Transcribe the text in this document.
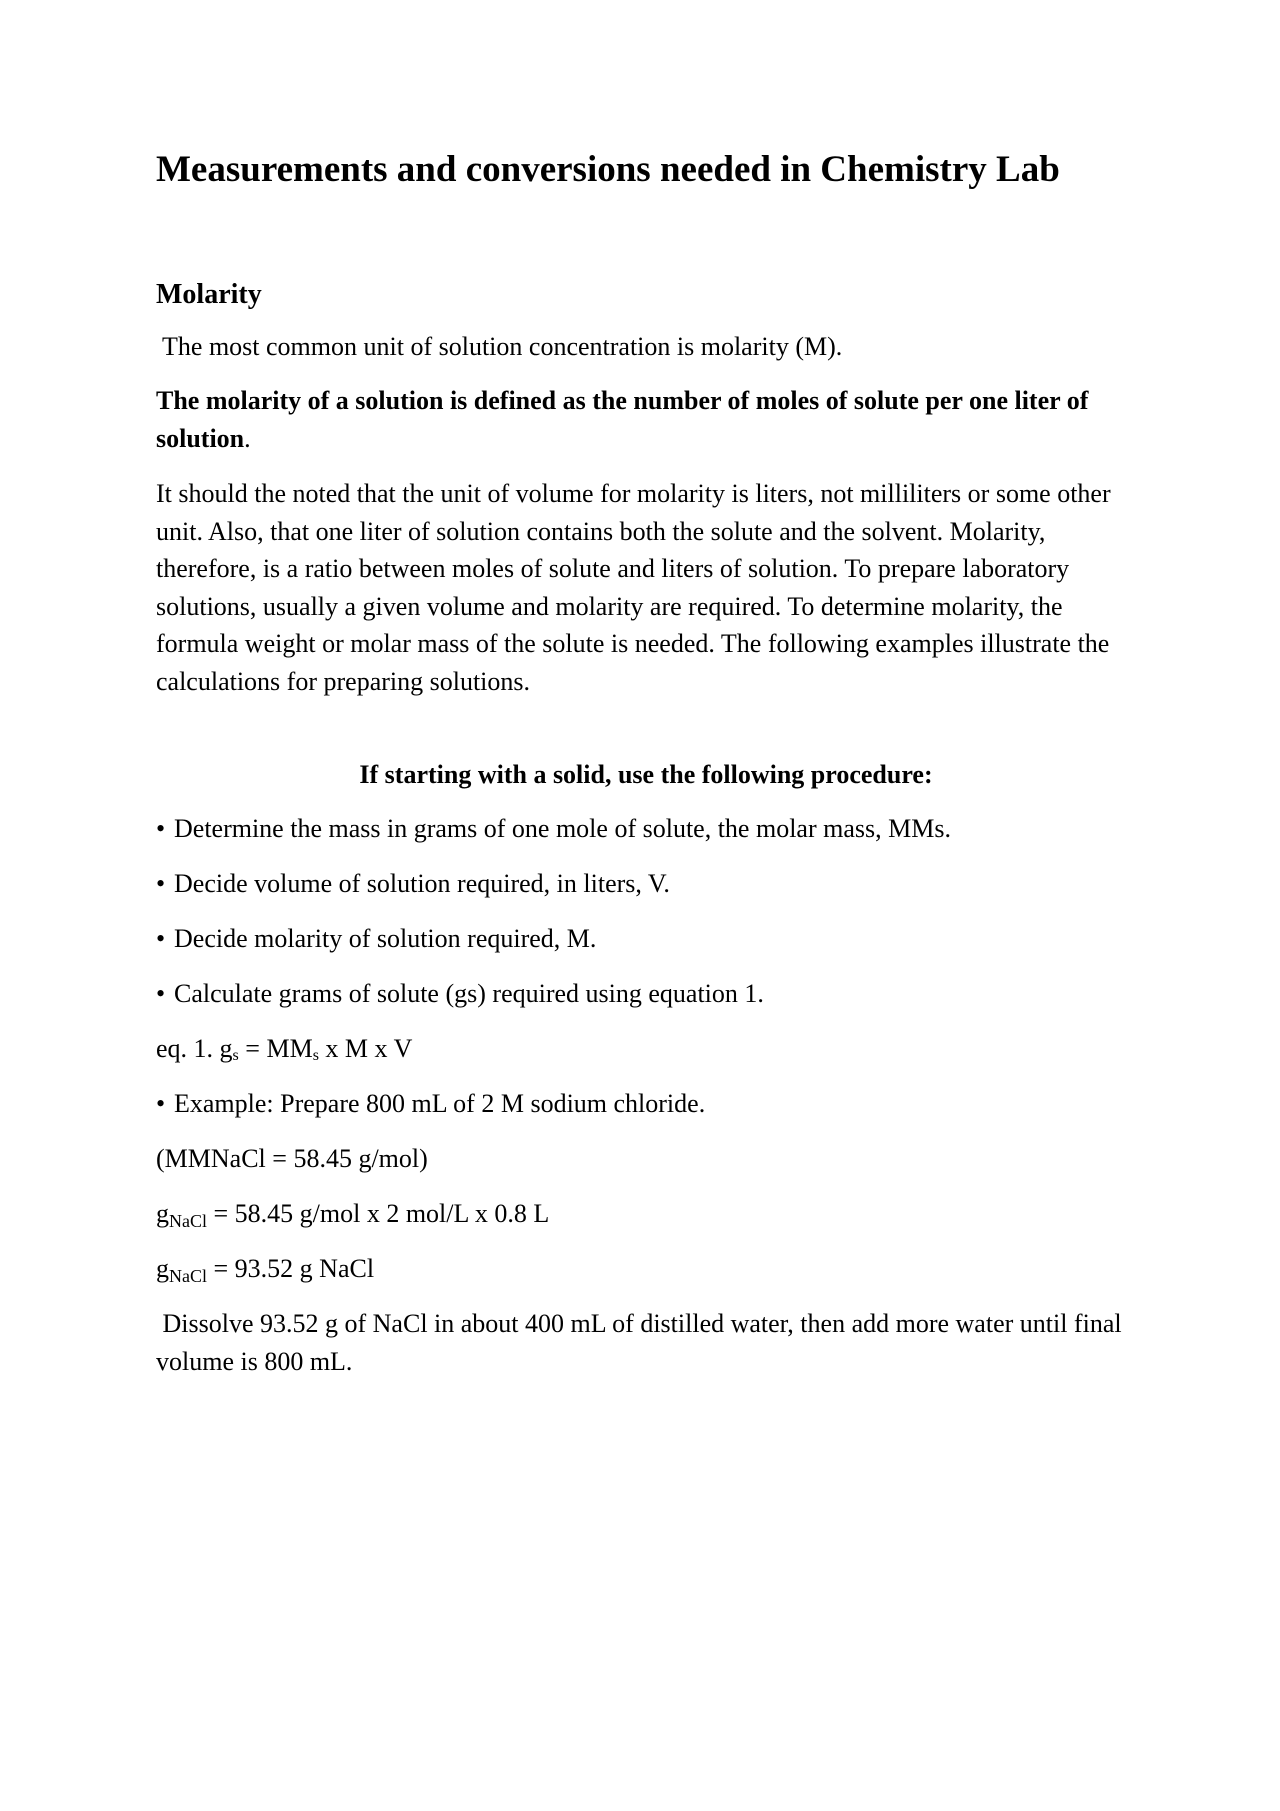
Measurements and conversions needed in Chemistry Lab
Molarity

The most common unit of solution concentration is molarity (M).

The molarity of a solution is defined as the number of moles of solute per one liter of solution.

It should the noted that the unit of volume for molarity is liters, not milliliters or some other unit. Also, that one liter of solution contains both the solute and the solvent. Molarity, therefore, is a ratio between moles of solute and liters of solution. To prepare laboratory solutions, usually a given volume and molarity are required. To determine molarity, the formula weight or molar mass of the solute is needed. The following examples illustrate the calculations for preparing solutions.

If starting with a solid, use the following procedure:

• Determine the mass in grams of one mole of solute, the molar mass, MMs.

• Decide volume of solution required, in liters, V.

• Decide molarity of solution required, M.

• Calculate grams of solute (gs) required using equation 1.

eq. 1. gs = MMs x M x V

• Example: Prepare 800 mL of 2 M sodium chloride.

(MMNaCl = 58.45 g/mol)

$g_{NaCl} = 58.45$ g/mol x 2 mol/L x 0.8 L

$g_{NaCl} = 93.52$ g NaCl

Dissolve 93.52 g of NaCl in about 400 mL of distilled water, then add more water until final volume is 800 mL.
